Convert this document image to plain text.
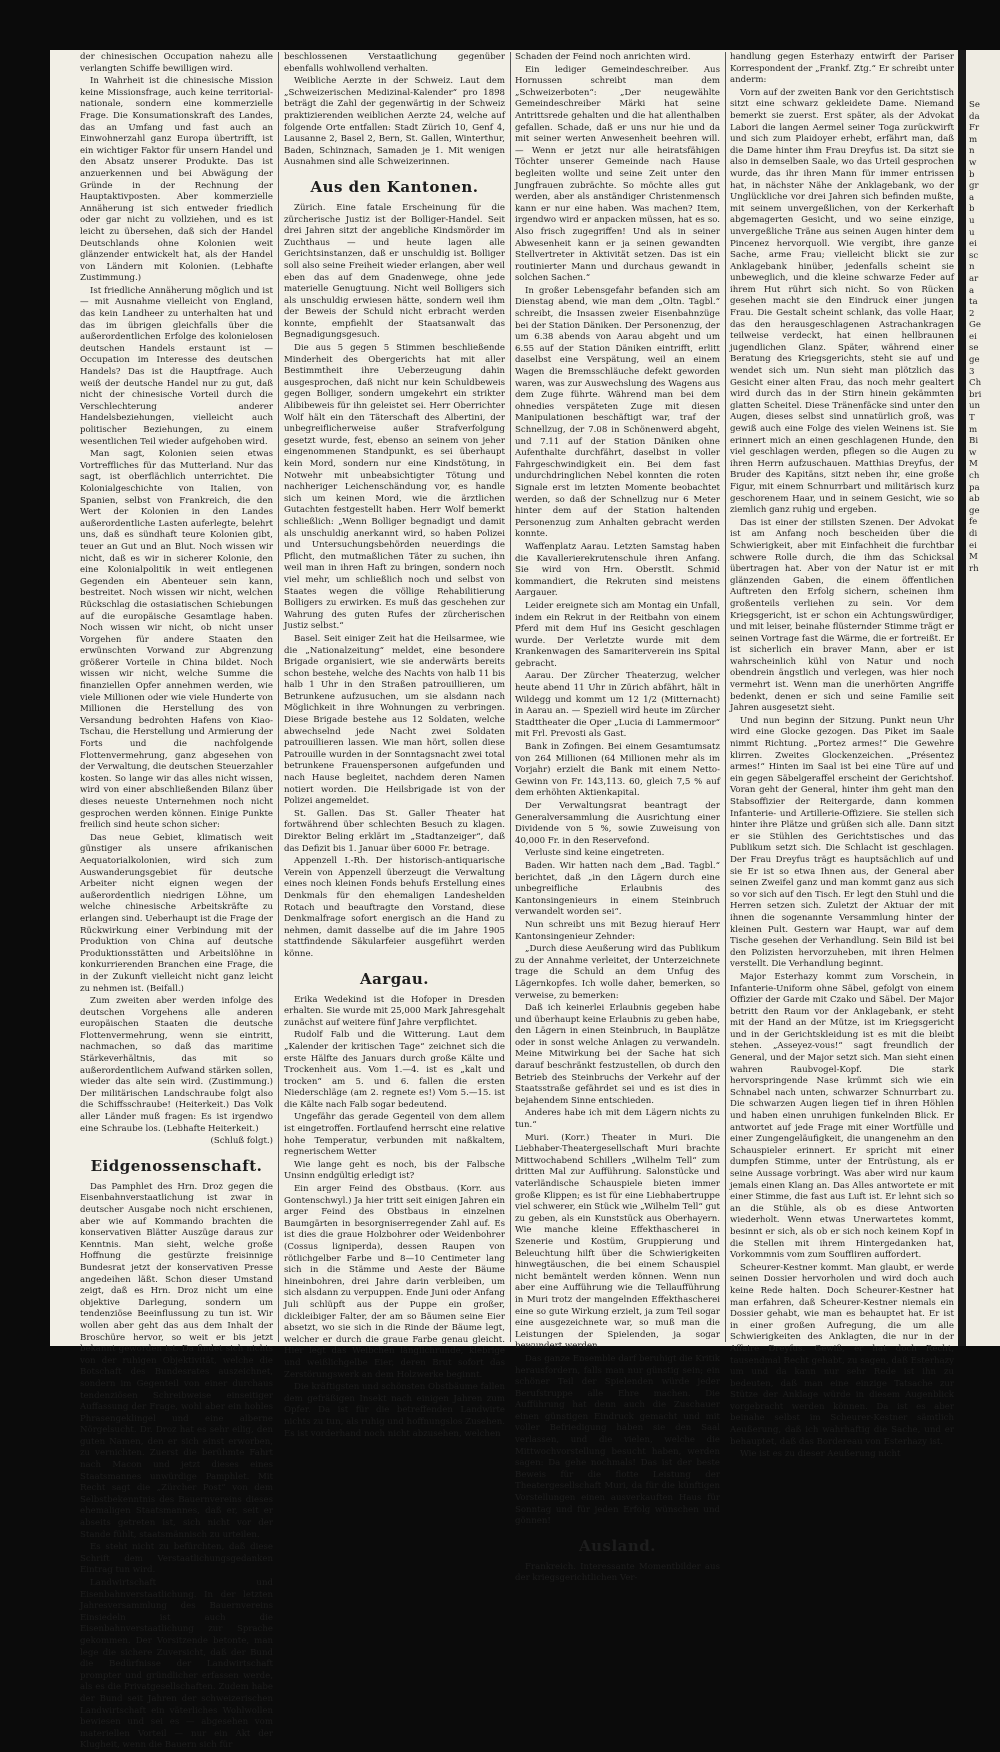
Se
da
Fr
m
n
w
b
gr
a
b
u
u
ei
sc
n
ar
a
ta
2
Ge
ei
se
ge
3
Ch
bri
un
T
m
Bi
w
M
ch
pa
ab
ge
fe
di
ei
M
rh

der chinesischen Occupation nahezu alle verlangten Schiffe bewilligen wird.

In Wahrheit ist die chinesische Mission keine Missionsfrage, auch keine territorial-nationale, sondern eine kommerzielle Frage. Die Konsumationskraft des Landes, das an Umfang und fast auch an Einwohnerzahl ganz Europa übertrifft, ist ein wichtiger Faktor für unsern Handel und den Absatz unserer Produkte. Das ist anzuerkennen und bei Abwägung der Gründe in der Rechnung der Hauptaktivposten. Aber kommerzielle Annäherung ist sich entweder friedlich oder gar nicht zu vollziehen, und es ist leicht zu übersehen, daß sich der Handel Deutschlands ohne Kolonien weit glänzender entwickelt hat, als der Handel von Ländern mit Kolonien. (Lebhafte Zustimmung.)

Ist friedliche Annäherung möglich und ist — mit Ausnahme vielleicht von England, das kein Landheer zu unterhalten hat und das im übrigen gleichfalls über die außerordentlichen Erfolge des kolonielosen deutschen Handels erstaunt ist — Occupation im Interesse des deutschen Handels? Das ist die Hauptfrage. Auch weiß der deutsche Handel nur zu gut, daß nicht der chinesische Vorteil durch die Verschlechterung anderer Handelsbeziehungen, vielleicht auch politischer Beziehungen, zu einem wesentlichen Teil wieder aufgehoben wird.

Man sagt, Kolonien seien etwas Vortreffliches für das Mutterland. Nur das sagt, ist oberflächlich unterrichtet. Die Kolonialgeschichte von Italien, von Spanien, selbst von Frankreich, die den Wert der Kolonien in den Landes außerordentliche Lasten auferlegte, belehrt uns, daß es sündhaft teure Kolonien gibt, teuer an Gut und an Blut. Noch wissen wir nicht, daß es wir in sicherer Kolonie, den eine Kolonialpolitik in weit entlegenen Gegenden ein Abenteuer sein kann, bestreitet. Noch wissen wir nicht, welchen Rückschlag die ostasiatischen Schiebungen auf die europäische Gesamtlage haben. Noch wissen wir nicht, ob nicht unser Vorgehen für andere Staaten den erwünschten Vorwand zur Abgrenzung größerer Vorteile in China bildet. Noch wissen wir nicht, welche Summe die finanziellen Opfer annehmen werden, wie viele Millionen oder wie viele Hunderte von Millionen die Herstellung des von Versandung bedrohten Hafens von Kiao-Tschau, die Herstellung und Armierung der Forts und die nachfolgende Flottenvermehrung, ganz abgesehen von der Verwaltung, die deutschen Steuerzahler kosten. So lange wir das alles nicht wissen, wird von einer abschließenden Bilanz über dieses neueste Unternehmen noch nicht gesprochen werden können. Einige Punkte freilich sind heute schon sicher:

Das neue Gebiet, klimatisch weit günstiger als unsere afrikanischen Aequatorialkolonien, wird sich zum Auswanderungsgebiet für deutsche Arbeiter nicht eignen wegen der außerordentlich niedrigen Löhne, um welche chinesische Arbeitskräfte zu erlangen sind. Ueberhaupt ist die Frage der Rückwirkung einer Verbindung mit der Produktion von China auf deutsche Produktionsstätten und Arbeitslöhne in konkurrierenden Branchen eine Frage, die in der Zukunft vielleicht nicht ganz leicht zu nehmen ist. (Beifall.)

Zum zweiten aber werden infolge des deutschen Vorgehens alle anderen europäischen Staaten die deutsche Flottenvermehrung, wenn sie eintritt, nachmachen, so daß das maritime Stärkeverhältnis, das mit so außerordentlichem Aufwand stärken sollen, wieder das alte sein wird. (Zustimmung.) Der militärischen Landschraube folgt also die Schiffsschraube! (Heiterkeit.) Das Volk aller Länder muß fragen: Es ist irgendwo eine Schraube los. (Lebhafte Heiterkeit.)

(Schluß folgt.)

Eidgenossenschaft.

Das Pamphlet des Hrn. Droz gegen die Eisenbahnverstaatlichung ist zwar in deutscher Ausgabe noch nicht erschienen, aber wie auf Kommando brachten die konservativen Blätter Auszüge daraus zur Kenntnis. Man sieht, welche große Hoffnung die gestürzte freisinnige Bundesrat jetzt der konservativen Presse angedeihen läßt. Schon dieser Umstand zeigt, daß es Hrn. Droz nicht um eine objektive Darlegung, sondern um tendenziöse Beeinflussung zu tun ist. Wir wollen aber geht das aus dem Inhalt der Broschüre hervor, so weit er bis jetzt bekannt geworden ist. Da findet sich nichts von der ruhigen Objektivität, welche die Botschaft des Bundesrates auszeichnet, sondern im Gegenteil von einer durchaus tendenziösen Schreibweise einseitiger Auffassung der Frage, wohl aber ein hohles Phrasengeklingel und eine alberne Nörgelsucht. Dr. Droz hat es sehr eilig, den guten Namen, den er sich einst erworben, zu vernichten. Zuerst die berühmte Fahrt nach Macon und jetzt dieses eines Staatsmannes unwürdige Pamphlet. Mit Recht sagt die „Zürcher Post“ von dem Selbstbekenntnis des Bauernvereins dieses ehemaligen Staatsmannes, daß er, seit er abseits getreten ist, sich nicht vor der Stande fühlt, staatsmännisch zu urteilen.

Es steht nicht zu befürchten, daß diese Schrift dem Verstaatlichungsgedanken Eintrag tun wird.

Landwirtschaft und Eisenbahnverstaatlichung. In der letzten Jahresversammlung des Bauernvereins Einsiedeln ist auch die Eisenbahnverstaatlichung zur Sprache gekommen. Der Vorsitzende betonte, man lege die sichere Zuversicht, daß der Bund die Bedürfnisse der Landwirtschaft prompter und gründlicher erfassen werde, als es die Privatgesellschaften. Zudem habe der Bund seit Jahren der schweizerischen Landwirtschaft ein väterliches Wohlwollen bewiesen und sei es — abgesehen vom materiellen Vorteil — nur ein Akt der Klugheit, wenn die Bauern sich für

beschlossenen Verstaatlichung gegenüber ebenfalls wohlwollend verhalten.

Weibliche Aerzte in der Schweiz. Laut dem „Schweizerischen Medizinal-Kalender“ pro 1898 beträgt die Zahl der gegenwärtig in der Schweiz praktizierenden weiblichen Aerzte 24, welche auf folgende Orte entfallen: Stadt Zürich 10, Genf 4, Lausanne 2, Basel 2, Bern, St. Gallen, Winterthur, Baden, Schinznach, Samaden je 1. Mit wenigen Ausnahmen sind alle Schweizerinnen.

Aus den Kantonen.

Zürich. Eine fatale Erscheinung für die zürcherische Justiz ist der Bolliger-Handel. Seit drei Jahren sitzt der angebliche Kindsmörder im Zuchthaus — und heute lagen alle Gerichtsinstanzen, daß er unschuldig ist. Bolliger soll also seine Freiheit wieder erlangen, aber weil eben das auf dem Gnadenwege, ohne jede materielle Genugtuung. Nicht weil Bolligers sich als unschuldig erwiesen hätte, sondern weil ihm der Beweis der Schuld nicht erbracht werden konnte, empfiehlt der Staatsanwalt das Begnadigungsgesuch.

Die aus 5 gegen 5 Stimmen beschließende Minderheit des Obergerichts hat mit aller Bestimmtheit ihre Ueberzeugung dahin ausgesprochen, daß nicht nur kein Schuldbeweis gegen Bolliger, sondern umgekehrt ein strikter Alibibeweis für ihn geleistet sei. Herr Oberrichter Wolf hält ein den Täterschaft des Albertini, der unbegreiflicherweise außer Strafverfolgung gesetzt wurde, fest, ebenso an seinem von jeher eingenommenen Standpunkt, es sei überhaupt kein Mord, sondern nur eine Kindstötung, in Notwehr mit unbeabsichtigter Tötung und nachheriger Leichenschändung vor, es handle sich um keinen Mord, wie die ärztlichen Gutachten festgestellt haben. Herr Wolf bemerkt schließlich: „Wenn Bolliger begnadigt und damit als unschuldig anerkannt wird, so haben Polizei und Untersuchungsbehörden neuerdings die Pflicht, den mutmaßlichen Täter zu suchen, ihn weil man in ihren Haft zu bringen, sondern noch viel mehr, um schließlich noch und selbst von Staates wegen die völlige Rehabilitierung Bolligers zu erwirken. Es muß das geschehen zur Wahrung des guten Rufes der zürcherischen Justiz selbst.“

Basel. Seit einiger Zeit hat die Heilsarmee, wie die „Nationalzeitung“ meldet, eine besondere Brigade organisiert, wie sie anderwärts bereits schon bestehe, welche des Nachts von halb 11 bis halb 1 Uhr in den Straßen patrouillieren, um Betrunkene aufzusuchen, um sie alsdann nach Möglichkeit in ihre Wohnungen zu verbringen. Diese Brigade bestehe aus 12 Soldaten, welche abwechselnd jede Nacht zwei Soldaten patrouillieren lassen. Wie man hört, sollen diese Patrouille wurden in der Sonntagsnacht zwei total betrunkene Frauenspersonen aufgefunden und nach Hause begleitet, nachdem deren Namen notiert worden. Die Heilsbrigade ist von der Polizei angemeldet.

St. Gallen. Das St. Galler Theater hat fortwährend über schlechten Besuch zu klagen. Direktor Beling erklärt im „Stadtanzeiger“, daß das Defizit bis 1. Januar über 6000 Fr. betrage.

Appenzell I.-Rh. Der historisch-antiquarische Verein von Appenzell überzeugt die Verwaltung eines noch kleinen Fonds behufs Erstellung eines Denkmals für den ehemaligen Landeshelden Rotach und beauftragte den Vorstand, diese Denkmalfrage sofort energisch an die Hand zu nehmen, damit dasselbe auf die im Jahre 1905 stattfindende Säkularfeier ausgeführt werden könne.

Aargau.

Erika Wedekind ist die Hofoper in Dresden erhalten. Sie wurde mit 25,000 Mark Jahresgehalt zunächst auf weitere fünf Jahre verpflichtet.

Rudolf Falb und die Witterung. Laut dem „Kalender der kritischen Tage“ zeichnet sich die erste Hälfte des Januars durch große Kälte und Trockenheit aus. Vom 1.—4. ist es „kalt und trocken“ am 5. und 6. fallen die ersten Niederschläge (am 2. regnete es!) Vom 5.—15. ist die Kälte nach Falb sogar bedeutend.

Ungefähr das gerade Gegenteil von dem allem ist eingetroffen. Fortlaufend herrscht eine relative hohe Temperatur, verbunden mit naßkaltem, regnerischem Wetter

Wie lange geht es noch, bis der Falbsche Unsinn endgültig erledigt ist?

Ein arger Feind des Obstbaus. (Korr. aus Gontenschwyl.) Ja hier tritt seit einigen Jahren ein arger Feind des Obstbaus in einzelnen Baumgärten in besorgniserregender Zahl auf. Es ist dies die graue Holzbohrer oder Weidenbohrer (Cossus ligniperda), dessen Raupen von rötlichgelber Farbe und 8—10 Centimeter lang sich in die Stämme und Aeste der Bäume hineinbohren, drei Jahre darin verbleiben, um sich alsdann zu verpuppen. Ende Juni oder Anfang Juli schlüpft aus der Puppe ein großer, dickleibiger Falter, der am so Bäumen seine Eier absetzt, wo sie sich in die Rinde der Bäume legt, welcher er durch die graue Farbe genau gleicht. Hier legt das Weibchen länglichrunde, klebrige und weißlichgelbe Eier, deren Brut sofort das Zerstörungswerk an dem Holzwerke beginnt.

Die kräftigsten und schönsten Obstbäume fallen dem gefräßigen Insekt nach einigen Jahren zum Opfer. Da ist für die betreffenden Landwirte nichts zu tun, als ruhig und hoffnungslos Zusehen. Es ist vorderhand noch nicht abzusehen, welchen

Schaden der Feind noch anrichten wird.

Ein lediger Gemeindeschreiber. Aus Hornussen schreibt man dem „Schweizerboten“: „Der neugewählte Gemeindeschreiber Märki hat seine Antrittsrede gehalten und die hat allenthalben gefallen. Schade, daß er uns nur hie und da mit seiner werten Anwesenheit beehren will. — Wenn er jetzt nur alle heiratsfähigen Töchter unserer Gemeinde nach Hause begleiten wollte und seine Zeit unter den Jungfrauen zubrächte. So möchte alles gut werden, aber als anständiger Christenmensch kann er nur eine haben. Was machen? Item, irgendwo wird er anpacken müssen, hat es so. Also frisch zugegriffen! Und als in seiner Abwesenheit kann er ja seinen gewandten Stellvertreter in Aktivität setzen. Das ist ein routinierter Mann und durchaus gewandt in solchen Sachen.“

In großer Lebensgefahr befanden sich am Dienstag abend, wie man dem „Oltn. Tagbl.“ schreibt, die Insassen zweier Eisenbahnzüge bei der Station Däniken. Der Personenzug, der um 6.38 abends von Aarau abgeht und um 6.55 auf der Station Däniken eintrifft, erlitt daselbst eine Verspätung, weil an einem Wagen die Bremsschläuche defekt geworden waren, was zur Auswechslung des Wagens aus dem Zuge führte. Während man bei dem ohnedies verspäteten Zuge mit diesen Manipulationen beschäftigt war, traf der Schnellzug, der 7.08 in Schönenwerd abgeht, und 7.11 auf der Station Däniken ohne Aufenthalte durchfährt, daselbst in voller Fahrgeschwindigkeit ein. Bei dem fast undurchdringlichen Nebel konnten die roten Signale erst im letzten Momente beobachtet werden, so daß der Schnellzug nur 6 Meter hinter dem auf der Station haltenden Personenzug zum Anhalten gebracht werden konnte.

Waffenplatz Aarau. Letzten Samstag haben die Kavallerierekrutenschule ihren Anfang. Sie wird von Hrn. Oberstlt. Schmid kommandiert, die Rekruten sind meistens Aargauer.

Leider ereignete sich am Montag ein Unfall, indem ein Rekrut in der Reitbahn von einem Pferd mit dem Huf ins Gesicht geschlagen wurde. Der Verletzte wurde mit dem Krankenwagen des Samariterverein ins Spital gebracht.

Aarau. Der Zürcher Theaterzug, welcher heute abend 11 Uhr in Zürich abfährt, hält in Wildegg und kommt um 12 1/2 (Mitternacht) in Aarau an. — Speziell wird heute im Zürcher Stadttheater die Oper „Lucia di Lammermoor“ mit Frl. Prevosti als Gast.

Bank in Zofingen. Bei einem Gesamtumsatz von 264 Millionen (64 Millionen mehr als im Vorjahr) erzielt die Bank mit einem Netto-Gewinn von Fr. 143,113. 60, gleich 7,5 % auf dem erhöhten Aktienkapital.

Der Verwaltungsrat beantragt der Generalversammlung die Ausrichtung einer Dividende von 5 %, sowie Zuweisung von 40,000 Fr. in den Reservefond.

Verluste sind keine eingetreten.

Baden. Wir hatten nach dem „Bad. Tagbl.“ berichtet, daß „in den Lägern durch eine unbegreifliche Erlaubnis des Kantonsingenieurs in einem Steinbruch verwandelt worden sei“.

Nun schreibt uns mit Bezug hierauf Herr Kantonsingenieur Zehnder:

„Durch diese Aeußerung wird das Publikum zu der Annahme verleitet, der Unterzeichnete trage die Schuld an dem Unfug des Lägernkopfes. Ich wolle daher, bemerken, so verweise, zu bemerken:

Daß ich keinerlei Erlaubnis gegeben habe und überhaupt keine Erlaubnis zu geben habe, den Lägern in einen Steinbruch, in Bauplätze oder in sonst welche Anlagen zu verwandeln. Meine Mitwirkung bei der Sache hat sich darauf beschränkt festzustellen, ob durch den Betrieb des Steinbruchs der Verkehr auf der Staatsstraße gefährdet sei und es ist dies in bejahendem Sinne entschieden.

Anderes habe ich mit dem Lägern nichts zu tun.“

Muri. (Korr.) Theater in Muri. Die Liebhaber-Theatergesellschaft Muri brachte Mittwochabend Schillers „Wilhelm Tell“ zum dritten Mal zur Aufführung. Salonstücke und vaterländische Schauspiele bieten immer große Klippen; es ist für eine Liebhabertruppe viel schwerer, ein Stück wie „Wilhelm Tell“ gut zu geben, als ein Kunststück aus Oberhayern. Wie manche kleine Effekthascherei in Szenerie und Kostüm, Gruppierung und Beleuchtung hilft über die Schwierigkeiten hinwegtäuschen, die bei einem Schauspiel nicht bemäntelt werden können. Wenn nun aber eine Aufführung wie die Tellaufführung in Muri trotz der mangelnden Effekthascherei eine so gute Wirkung erzielt, ja zum Teil sogar eine ausgezeichnete war, so muß man die Leistungen der Spielenden, ja sogar bewundert werden.

Das ganze Ensemble darf beruhigt die Kritik herausfordern, falls man nur günstig sein; ein schöner Teil der Spielenden würde jeder Berufstruppe alle Ehre machen. Die Aufführung hat denn auch die Zuschauer einen günstigen Eindruck gemacht und mit voller Befriedigung haben sie den Saal verlassen, und die vielen, welche die Mittwochvorstellung besucht haben, werden sagen: Da gehe nochmals! Das ist der beste Beweis für die flotte Leistung der Theatergesellschaft Muri, da für die künftigen Vorstellungen einen ausverkauften Haus für Sonntag und für jeden Erfolg wünschen und gönnen!

Ausland.

Frankreich. Interessante Momentbilder aus der kriegsgerichtlichen Ver-

handlung gegen Esterhazy entwirft der Pariser Korrespondent der „Frankf. Ztg.“ Er schreibt unter anderm:

Vorn auf der zweiten Bank vor den Gerichtstisch sitzt eine schwarz gekleidete Dame. Niemand bemerkt sie zuerst. Erst später, als der Advokat Labori die langen Aermel seiner Toga zurückwirft und sich zum Plaidoyer erhebt, erfährt man, daß die Dame hinter ihm Frau Dreyfus ist. Da sitzt sie also in demselben Saale, wo das Urteil gesprochen wurde, das ihr ihren Mann für immer entrissen hat, in nächster Nähe der Anklagebank, wo der Unglückliche vor drei Jahren sich befinden mußte, mit seinem unvergeßlichen, von der Kerkerhaft abgemagerten Gesicht, und wo seine einzige, unvergeßliche Träne aus seinen Augen hinter dem Pincenez hervorquoll. Wie vergibt, ihre ganze Sache, arme Frau; vielleicht blickt sie zur Anklagebank hinüber, jedenfalls scheint sie unbeweglich, und die kleine schwarze Feder auf ihrem Hut rührt sich nicht. So von Rücken gesehen macht sie den Eindruck einer jungen Frau. Die Gestalt scheint schlank, das volle Haar, das den herausgeschlagenen Astrachankragen teilweise verdeckt, hat einen hellbraunen jugendlichen Glanz. Später, während einer Beratung des Kriegsgerichts, steht sie auf und wendet sich um. Nun sieht man plötzlich das Gesicht einer alten Frau, das noch mehr gealtert wird durch das in der Stirn hinein gekämmten glatten Scheitel. Diese Tränenfäcke sind unter den Augen, dieses selbst sind unnatürlich groß, was gewiß auch eine Folge des vielen Weinens ist. Sie erinnert mich an einen geschlagenen Hunde, den viel geschlagen werden, pflegen so die Augen zu ihren Herrn aufzuschauen. Matthias Dreyfus, der Bruder des Kapitäns, sitzt neben ihr, eine große Figur, mit einem Schnurrbart und militärisch kurz geschorenem Haar, und in seinem Gesicht, wie so ziemlich ganz ruhig und ergeben.

Das ist einer der stillsten Szenen. Der Advokat ist am Anfang noch bescheiden über die Schwierigkeit, aber mit Einfachheit die furchtbar schwere Rolle durch, die ihm das Schicksal übertragen hat. Aber von der Natur ist er mit glänzenden Gaben, die einem öffentlichen Auftreten den Erfolg sichern, scheinen ihm großenteils verliehen zu sein. Vor dem Kriegsgericht, ist er schon ein Achtungswürdiger, und mit leiser, beinahe flüsternder Stimme trägt er seinen Vortrage fast die Wärme, die er fortreißt. Er ist sicherlich ein braver Mann, aber er ist wahrscheinlich kühl von Natur und noch obendrein ängstlich und verlegen, was hier noch vermehrt ist. Wenn man die unerhörten Angriffe bedenkt, denen er sich und seine Familie seit Jahren ausgesetzt sieht.

Und nun beginn der Sitzung. Punkt neun Uhr wird eine Glocke gezogen. Das Piket im Saale nimmt Richtung. „Portez armes!“ Die Gewehre klirren. Zweites Glockenzeichen. „Présentez armes!“ Hinten im Saal ist bei eine Türe auf und ein gegen Säbelgeraffel erscheint der Gerichtshof. Voran geht der General, hinter ihm geht man den Stabsoffizier der Reitergarde, dann kommen Infanterie- und Artillerie-Offiziere. Sie stellen sich hinter ihre Plätze und grüßen sich alle. Dann sitzt er sie Stühlen des Gerichtstisches und das Publikum setzt sich. Die Schlacht ist geschlagen. Der Frau Dreyfus trägt es hauptsächlich auf und sie Er ist so etwa Ihnen aus, der General aber seinen Zweifel ganz und man kommt ganz aus sich so vor sich auf den Tisch. Er legt den Stuhl und die Herren setzen sich. Zuletzt der Aktuar der mit ihnen die sogenannte Versammlung hinter der kleinen Pult. Gestern war Haupt, war auf dem Tische gesehen der Verhandlung. Sein Bild ist bei den Polizisten hervorzuheben, mit ihren Helmen verstellt. Die Verhandlung beginnt.

Major Esterhazy kommt zum Vorschein, in Infanterie-Uniform ohne Säbel, gefolgt von einem Offizier der Garde mit Czako und Säbel. Der Major betritt den Raum vor der Anklagebank, er steht mit der Hand an der Mütze, ist im Kriegsgericht und in der Gerichtskleidung ist es mit die bleibt stehen. „Asseyez-vous!“ sagt freundlich der General, und der Major setzt sich. Man sieht einen wahren Raubvogel-Kopf. Die stark hervorspringende Nase krümmt sich wie ein Schnabel nach unten, schwarzer Schnurrbart zu. Die schwarzen Augen liegen tief in ihren Höhlen und haben einen unruhigen funkelnden Blick. Er antwortet auf jede Frage mit einer Wortfülle und einer Zungengeläufigkeit, die unangenehm an den Schauspieler erinnert. Er spricht mit einer dumpfen Stimme, unter der Entrüstung, als er seine Aussage vorbringt. Was aber wird nur kaum jemals einen Klang an. Das Alles antwortete er mit einer Stimme, die fast aus Luft ist. Er lehnt sich so an die Stühle, als ob es diese Antworten wiederholt. Wenn etwas Unerwartetes kommt, besinnt er sich, als ob er sich noch keinem Kopf in die Stellen mit ihrem Hintergedanken hat, Vorkommnis vom zum Souffliren auffordert.

Scheurer-Kestner kommt. Man glaubt, er werde seinen Dossier hervorholen und wird doch auch keine Rede halten. Doch Scheurer-Kestner hat man erfahren, daß Scheurer-Kestner niemals ein Dossier gehabt, wie man es behauptet hat. Er ist in einer großen Aufregung, die um alle Schwierigkeiten des Anklagten, die nur in der Affaire Dreyfus. Gewiß, er hat doch Recht, tausendmal Recht gehabt, zu sagen, daß Esterhazy um und da kann nur sehr Rede ist ihn zu bedeuten, daß man eine einzige Tatsache zur Stütze der Anklage würde in diesem Augenblick vorgebracht werden können. Da ist es aber beinahe selbst im Scheurer-Kestner sämtlich Aeußerung, daß ich wahrhaftig die Sache, und er behauptet, daß das Bordereau von Esterhazy ist.

Wie ist es zu dieser Aeußerung nicht
